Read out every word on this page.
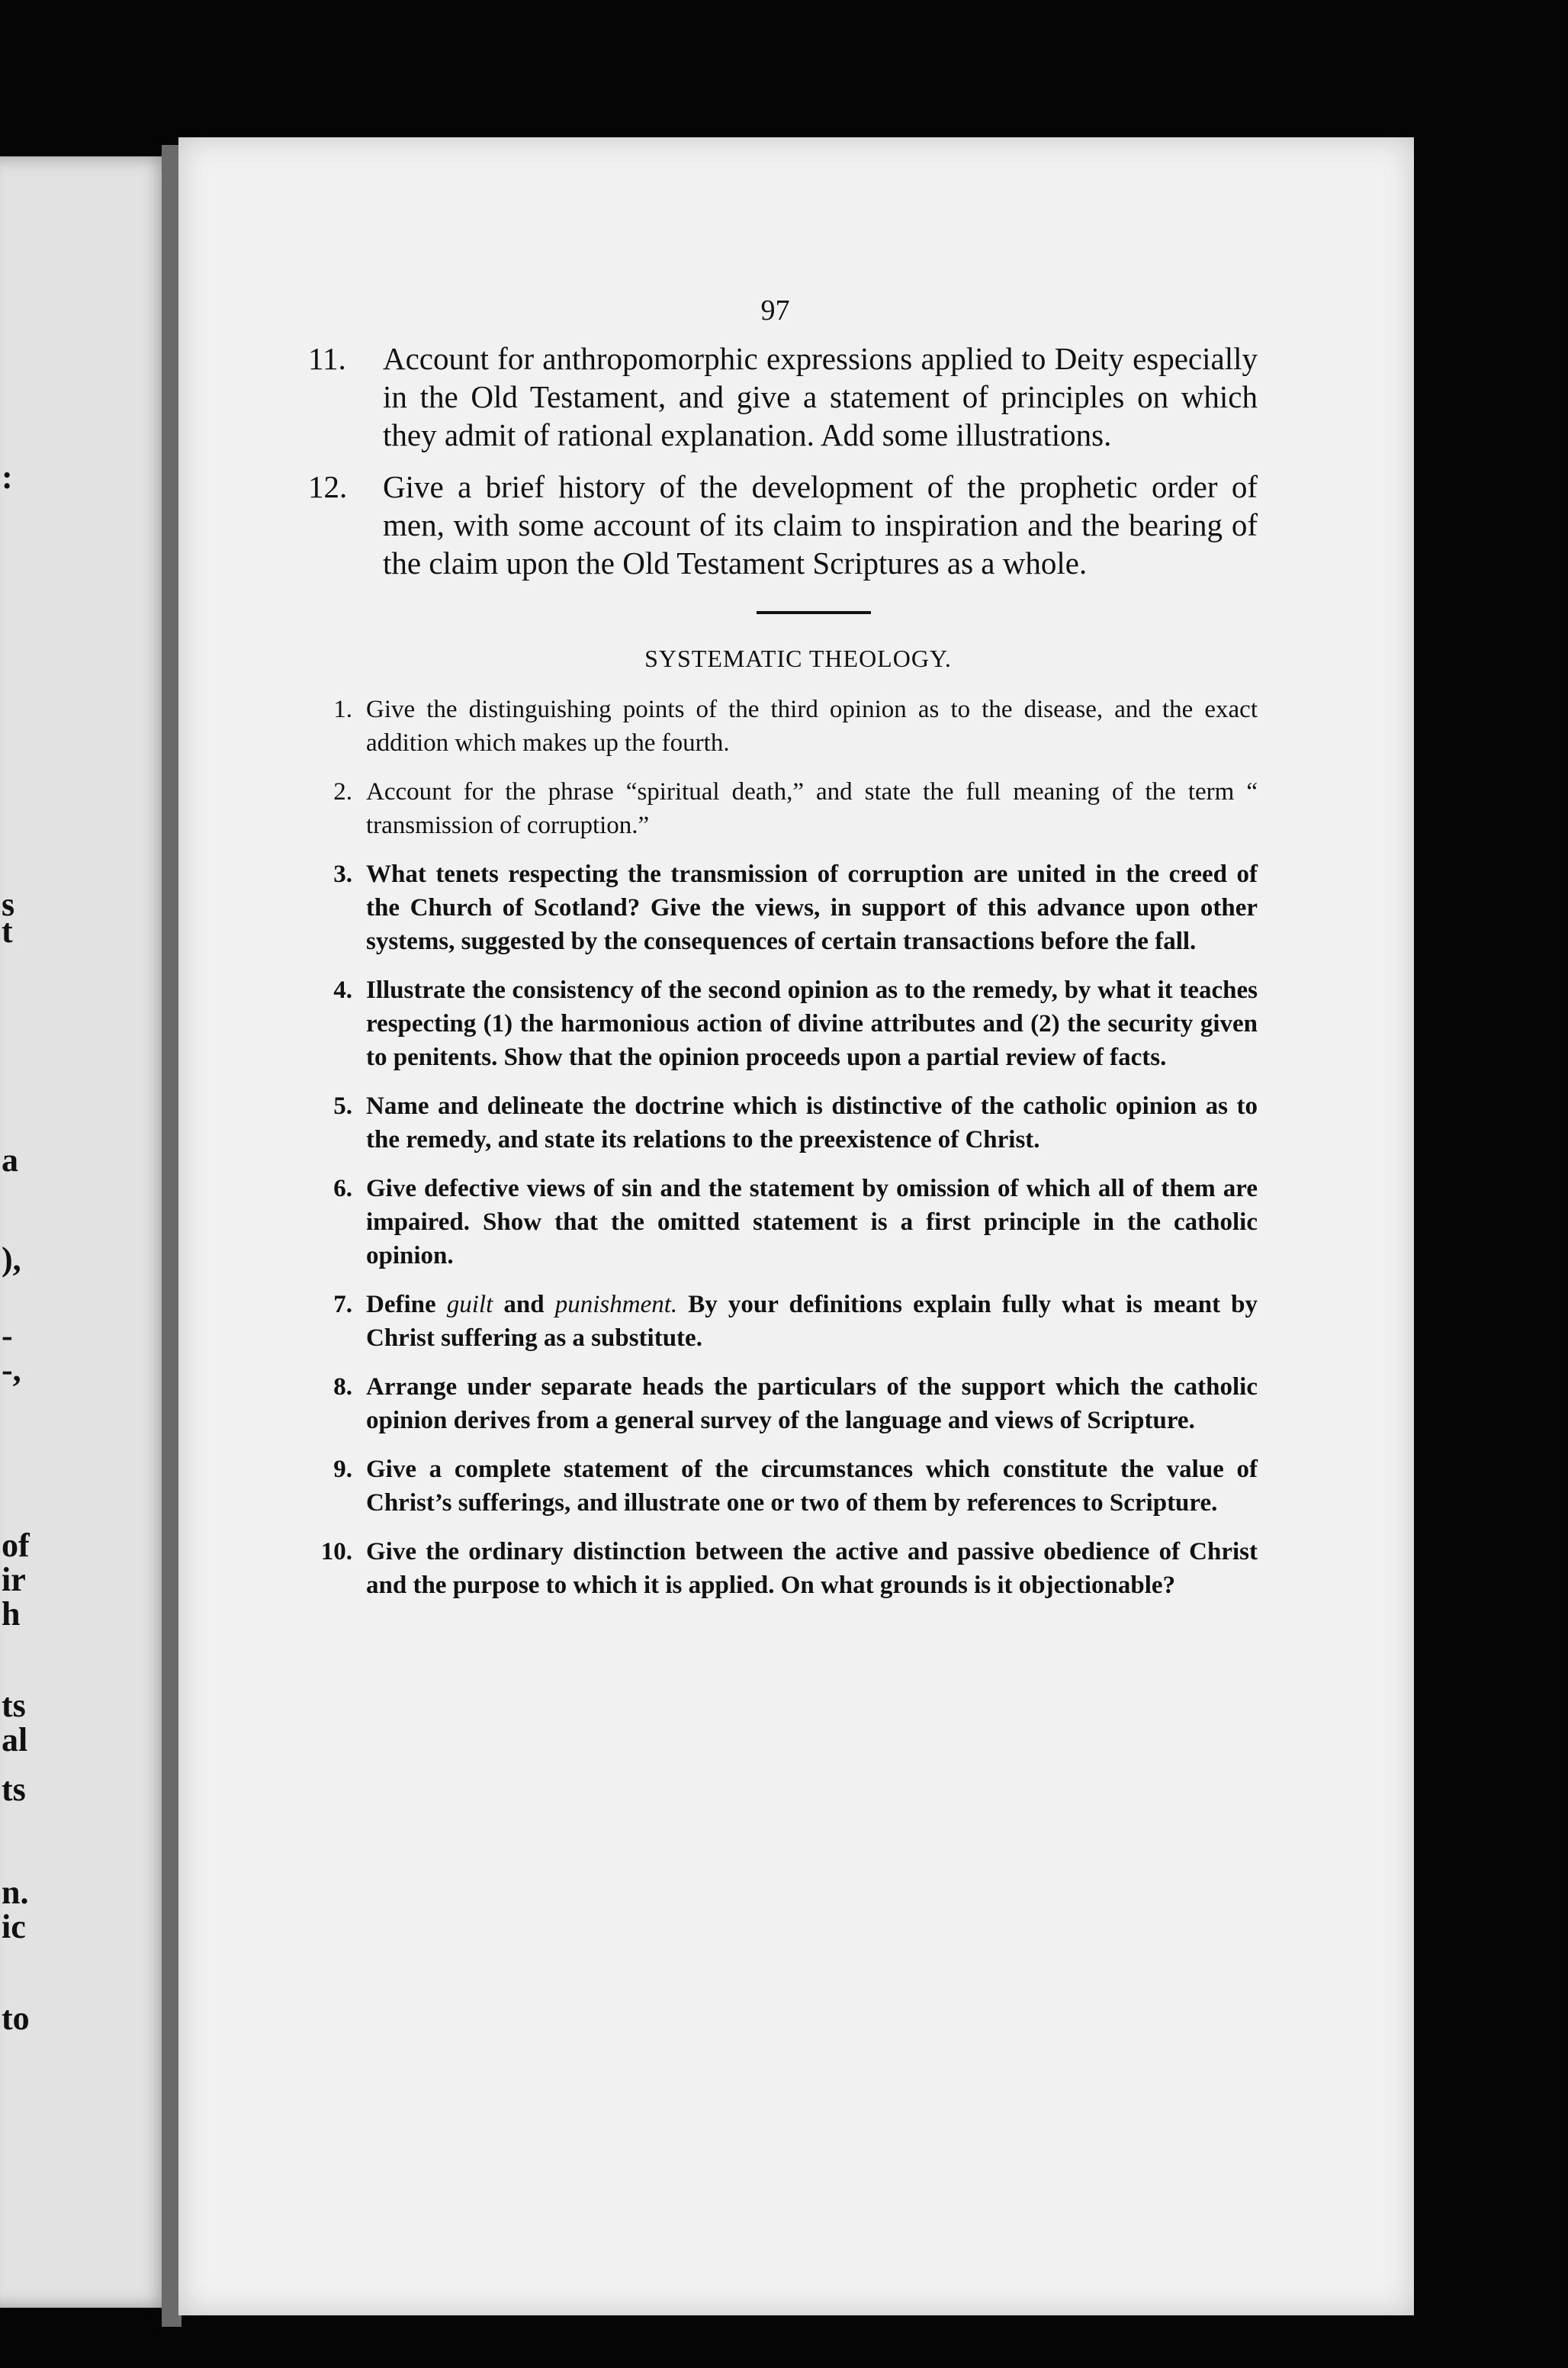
:
s
t
a
),
-
-,
of
ir
h
ts
al
ts
n.
ic
to
97
11.	Account for anthropomorphic expressions applied to Deity especially in the Old Testament, and give a statement of principles on which they admit of rational explanation. Add some illustrations.
12.	Give a brief history of the development of the prophetic order of men, with some account of its claim to inspiration and the bearing of the claim upon the Old Testament Scriptures as a whole.
SYSTEMATIC THEOLOGY.
1. Give the distinguishing points of the third opinion as to the disease, and the exact addition which makes up the fourth.
2. Account for the phrase “spiritual death,” and state the full meaning of the term “ transmission of corruption.”
3. What tenets respecting the transmission of corruption are united in the creed of the Church of Scotland? Give the views, in support of this advance upon other systems, suggested by the consequences of certain transactions before the fall.
4. Illustrate the consistency of the second opinion as to the remedy, by what it teaches respecting (1) the harmonious action of divine attributes and (2) the security given to penitents. Show that the opinion proceeds upon a partial review of facts.
5. Name and delineate the doctrine which is distinctive of the catholic opinion as to the remedy, and state its relations to the preexistence of Christ.
6. Give defective views of sin and the statement by omission of which all of them are impaired. Show that the omitted statement is a first principle in the catholic opinion.
7. Define guilt and punishment. By your definitions explain fully what is meant by Christ suffering as a substitute.
8. Arrange under separate heads the particulars of the support which the catholic opinion derives from a general survey of the language and views of Scripture.
9. Give a complete statement of the circumstances which constitute the value of Christ’s sufferings, and illustrate one or two of them by references to Scripture.
10. Give the ordinary distinction between the active and passive obedience of Christ and the purpose to which it is applied. On what grounds is it objectionable?
